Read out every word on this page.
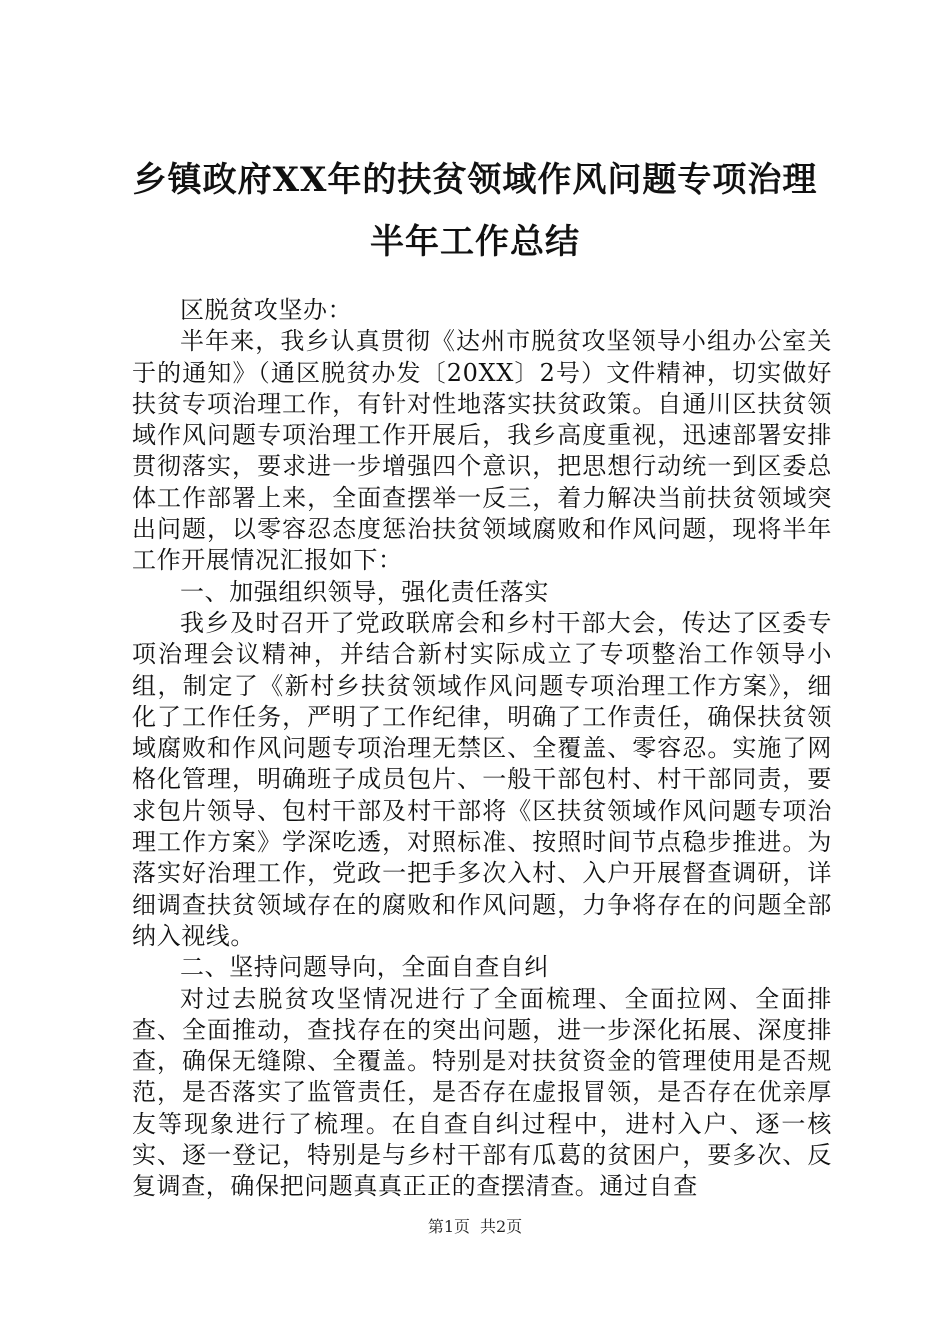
乡镇政府XX年的扶贫领域作风问题专项治理
半年工作总结

区脱贫攻坚办：

半年来，我乡认真贯彻《达州市脱贫攻坚领导小组办公室关于的通知》（通区脱贫办发〔20XX〕2号）文件精神，切实做好扶贫专项治理工作，有针对性地落实扶贫政策。自通川区扶贫领域作风问题专项治理工作开展后，我乡高度重视，迅速部署安排贯彻落实，要求进一步增强四个意识，把思想行动统一到区委总体工作部署上来，全面查摆举一反三，着力解决当前扶贫领域突出问题，以零容忍态度惩治扶贫领域腐败和作风问题，现将半年工作开展情况汇报如下：

一、加强组织领导，强化责任落实

我乡及时召开了党政联席会和乡村干部大会，传达了区委专项治理会议精神，并结合新村实际成立了专项整治工作领导小组，制定了《新村乡扶贫领域作风问题专项治理工作方案》，细化了工作任务，严明了工作纪律，明确了工作责任，确保扶贫领域腐败和作风问题专项治理无禁区、全覆盖、零容忍。实施了网格化管理，明确班子成员包片、一般干部包村、村干部同责，要求包片领导、包村干部及村干部将《区扶贫领域作风问题专项治理工作方案》学深吃透，对照标准、按照时间节点稳步推进。为落实好治理工作，党政一把手多次入村、入户开展督查调研，详细调查扶贫领域存在的腐败和作风问题，力争将存在的问题全部纳入视线。

二、坚持问题导向，全面自查自纠

对过去脱贫攻坚情况进行了全面梳理、全面拉网、全面排查、全面推动，查找存在的突出问题，进一步深化拓展、深度排查，确保无缝隙、全覆盖。特别是对扶贫资金的管理使用是否规范，是否落实了监管责任，是否存在虚报冒领，是否存在优亲厚友等现象进行了梳理。在自查自纠过程中，进村入户、逐一核实、逐一登记，特别是与乡村干部有瓜葛的贫困户，要多次、反复调查，确保把问题真真正正的查摆清查。通过自查

第1页 共2页
